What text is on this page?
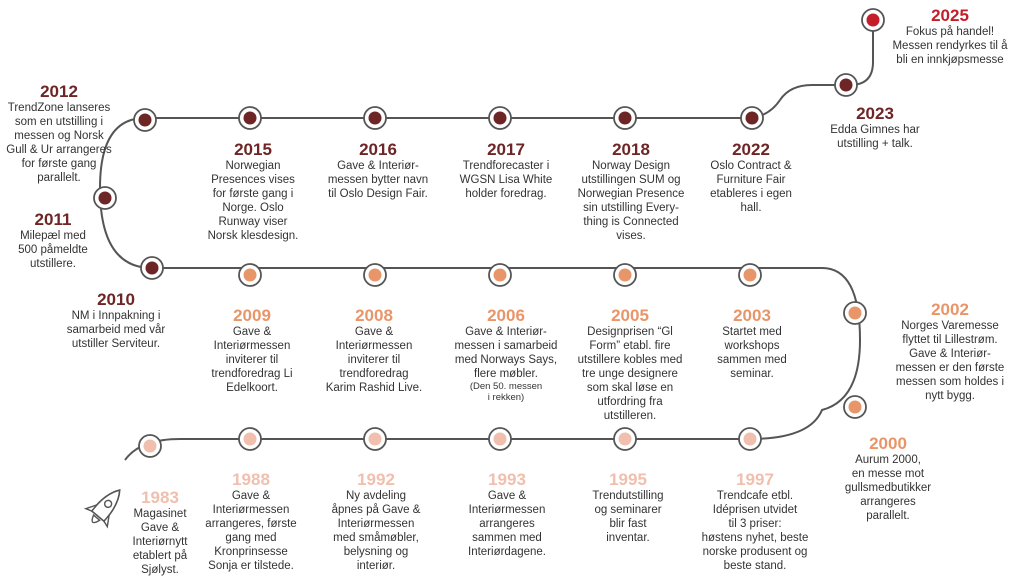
2025
Fokus på handel!
Messen rendyrkes til å
bli en innkjøpsmesse
2023
Edda Gimnes har
utstilling + talk.
2012
TrendZone lanseres
som en utstilling i
messen og Norsk
Gull & Ur arrangeres
for første gang
parallelt.
2015
Norwegian
Presences vises
for første gang i
Norge. Oslo
Runway viser
Norsk klesdesign.
2016
Gave & Interiør-
messen bytter navn
til Oslo Design Fair.
2017
Trendforecaster i
WGSN Lisa White
holder foredrag.
2018
Norway Design
utstillingen SUM og
Norwegian Presence
sin utstilling Every-
thing is Connected
vises.
2022
Oslo Contract &
Furniture Fair
etableres i egen
hall.
2011
Milepæl med
500 påmeldte
utstillere.
2010
NM i Innpakning i
samarbeid med vår
utstiller Serviteur.
2009
Gave &
Interiørmessen
inviterer til
trendforedrag Li
Edelkoort.
2008
Gave &
Interiørmessen
inviterer til
trendforedrag
Karim Rashid Live.
2006
Gave & Interiør-
messen i samarbeid
med Norways Says,
flere møbler.
(Den 50. messen
i rekken)
2005
Designprisen “Gl
Form” etabl. fire
utstillere kobles med
tre unge designere
som skal løse en
utfordring fra
utstilleren.
2003
Startet med
workshops
sammen med
seminar.
2002
Norges Varemesse
flyttet til Lillestrøm.
Gave & Interiør-
messen er den første
messen som holdes i
nytt bygg.
2000
Aurum 2000,
en messe mot
gullsmedbutikker
arrangeres
parallelt.
1983
Magasinet
Gave &
Interiørnytt
etablert på
Sjølyst.
1988
Gave &
Interiørmessen
arrangeres, første
gang med
Kronprinsesse
Sonja er tilstede.
1992
Ny avdeling
åpnes på Gave &
Interiørmessen
med småmøbler,
belysning og
interiør.
1993
Gave &
Interiørmessen
arrangeres
sammen med
Interiørdagene.
1995
Trendutstilling
og seminarer
blir fast
inventar.
1997
Trendcafe etbl.
Idéprisen utvidet
til 3 priser:
høstens nyhet, beste
norske produsent og
beste stand.
